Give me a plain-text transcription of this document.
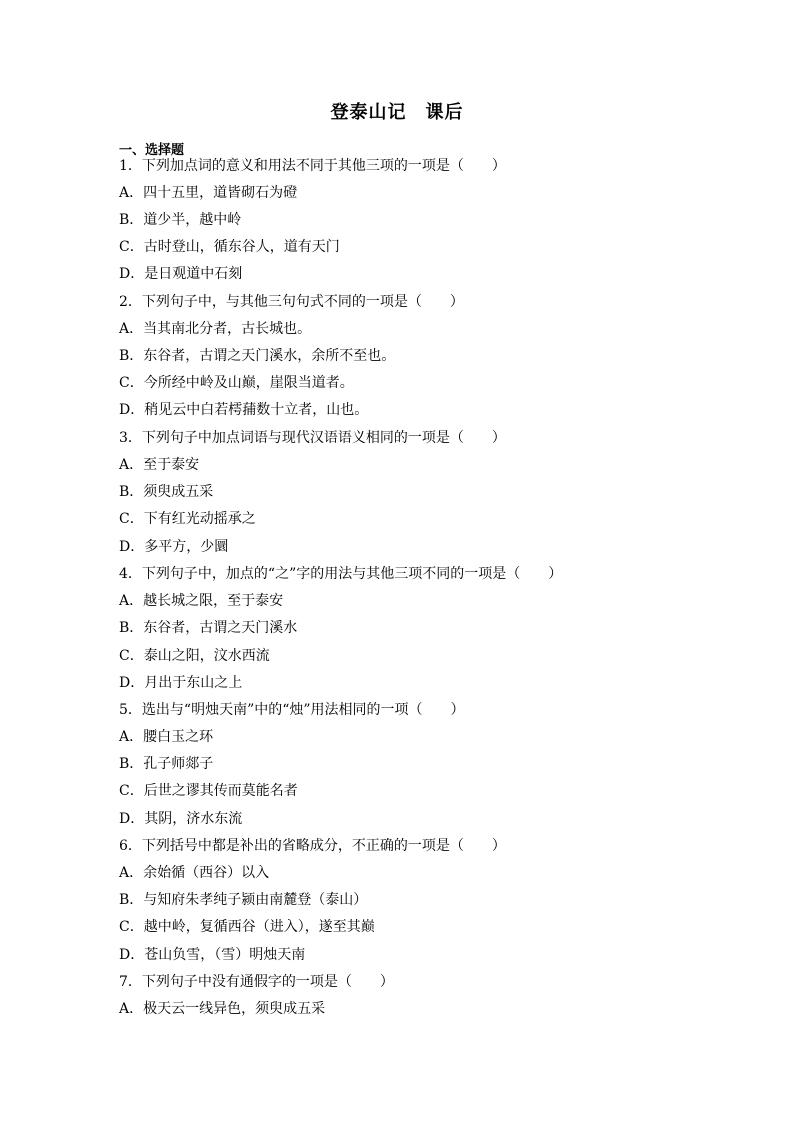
登泰山记　课后
一、选择题
1．下列加点词的意义和用法不同于其他三项的一项是（　　）
A．四十五里，道皆砌石为磴
B．道少半，越中岭
C．古时登山，循东谷人，道有天门
D．是日观道中石刻
2．下列句子中，与其他三句句式不同的一项是（　　）
A．当其南北分者，古长城也。
B．东谷者，古谓之天门溪水，余所不至也。
C．今所经中岭及山巅，崖限当道者。
D．稍见云中白若樗蒱数十立者，山也。
3．下列句子中加点词语与现代汉语语义相同的一项是（　　）
A．至于泰安
B．须臾成五采
C．下有红光动摇承之
D．多平方，少圜
4．下列句子中，加点的“之”字的用法与其他三项不同的一项是（　　）
A．越长城之限，至于泰安
B．东谷者，古谓之天门溪水
C．泰山之阳，汶水西流
D．月出于东山之上
5．选出与“明烛天南”中的“烛”用法相同的一项（　　）
A．腰白玉之环
B．孔子师郯子
C．后世之谬其传而莫能名者
D．其阴，济水东流
6．下列括号中都是补出的省略成分，不正确的一项是（　　）
A．余始循（西谷）以入
B．与知府朱孝纯子颍由南麓登（泰山）
C．越中岭，复循西谷（进入），遂至其巅
D．苍山负雪，（雪）明烛天南
7．下列句子中没有通假字的一项是（　　）
A．极天云一线异色，须臾成五采
